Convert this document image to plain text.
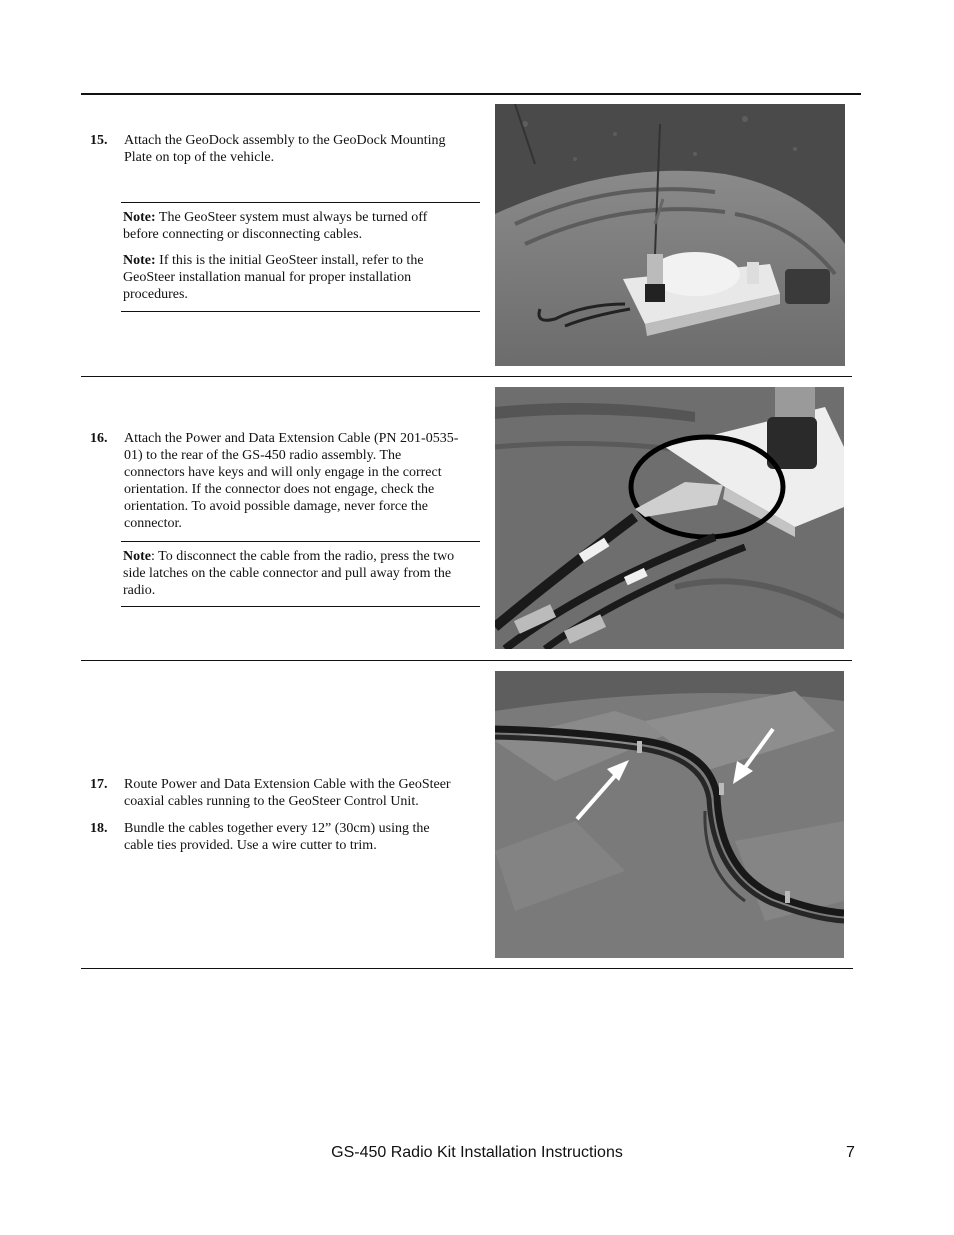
15. Attach the GeoDock assembly to the GeoDock Mounting
Plate on top of the vehicle.

Note: The GeoSteer system must always be turned off
before connecting or disconnecting cables.

Note: If this is the initial GeoSteer install, refer to the
GeoSteer installation manual for proper installation
procedures.

16. Attach the Power and Data Extension Cable (PN 201-0535-
01) to the rear of the GS-450 radio assembly. The
connectors have keys and will only engage in the correct
orientation. If the connector does not engage, check the
orientation. To avoid possible damage, never force the
connector.

Note: To disconnect the cable from the radio, press the two
side latches on the cable connector and pull away from the
radio.

17. Route Power and Data Extension Cable with the GeoSteer
coaxial cables running to the GeoSteer Control Unit.
18. Bundle the cables together every 12” (30cm) using the
cable ties provided. Use a wire cutter to trim.
GS-450 Radio Kit Installation Instructions	7
